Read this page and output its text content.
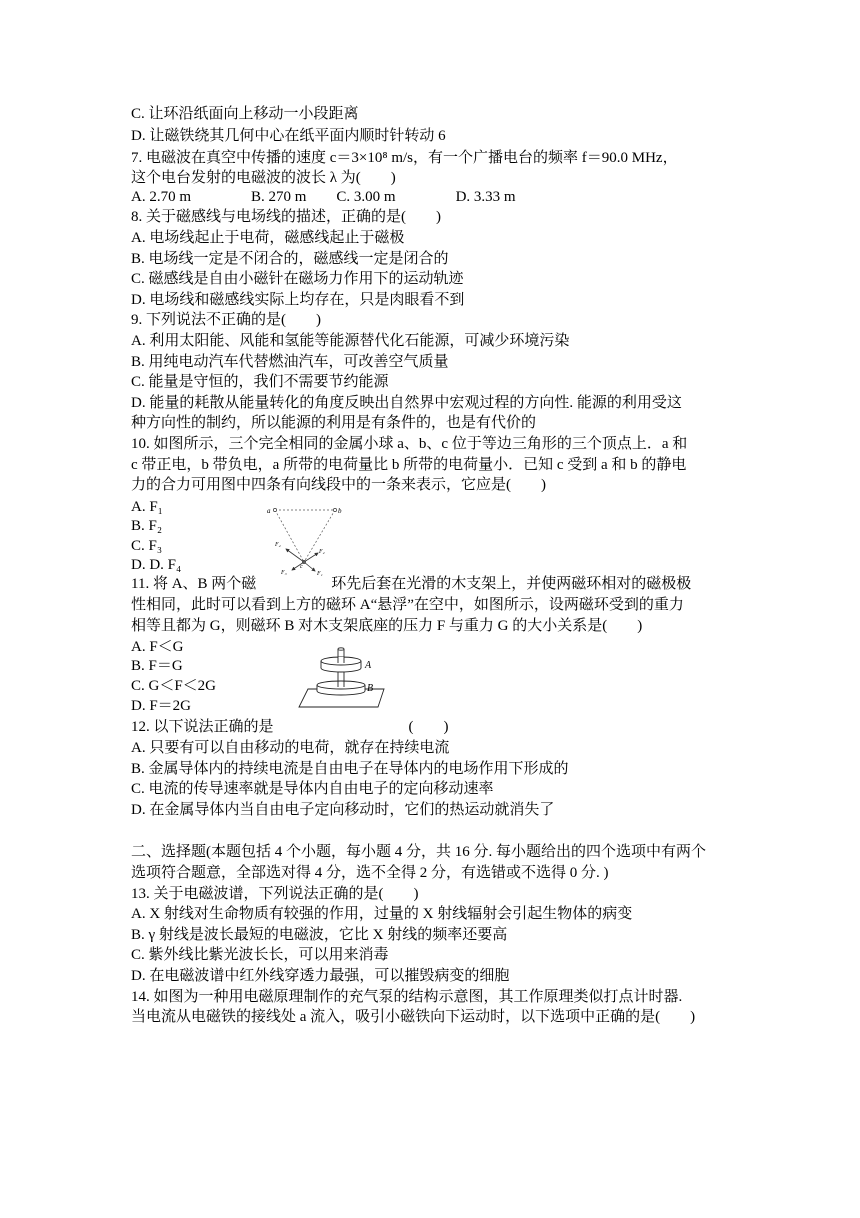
C. 让环沿纸面向上移动一小段距离
D. 让磁铁绕其几何中心在纸平面内顺时针转动 6
7. 电磁波在真空中传播的速度 c＝3×10⁸ m/s，有一个广播电台的频率 f＝90.0 MHz，
这个电台发射的电磁波的波长 λ 为(　　)
A. 2.70 m　　　　B. 270 m　　C. 3.00 m　　　　D. 3.33 m
8. 关于磁感线与电场线的描述，正确的是(　　)
A. 电场线起止于电荷，磁感线起止于磁极
B. 电场线一定是不闭合的，磁感线一定是闭合的
C. 磁感线是自由小磁针在磁场力作用下的运动轨迹
D. 电场线和磁感线实际上均存在，只是肉眼看不到
9. 下列说法不正确的是(　　)
A. 利用太阳能、风能和氢能等能源替代化石能源，可减少环境污染
B. 用纯电动汽车代替燃油汽车，可改善空气质量
C. 能量是守恒的，我们不需要节约能源
D. 能量的耗散从能量转化的角度反映出自然界中宏观过程的方向性. 能源的利用受这
种方向性的制约，所以能源的利用是有条件的，也是有代价的
10. 如图所示，三个完全相同的金属小球 a、b、c 位于等边三角形的三个顶点上．a 和
c 带正电，b 带负电，a 所带的电荷量比 b 所带的电荷量小．已知 c 受到 a 和 b 的静电
力的合力可用图中四条有向线段中的一条来表示，它应是(　　)
A. F₁
B. F₂
C. F₃
D. D. F₄
11. 将 A、B 两个磁　　　　　环先后套在光滑的木支架上，并使两磁环相对的磁极极
性相同，此时可以看到上方的磁环 A“悬浮”在空中，如图所示，设两磁环受到的重力
相等且都为 G，则磁环 B 对木支架底座的压力 F 与重力 G 的大小关系是(　　)
A. F＜G
B. F＝G
C. G＜F＜2G
D. F＝2G
12. 以下说法正确的是　　　　　　　　　(　　)
A. 只要有可以自由移动的电荷，就存在持续电流
B. 金属导体内的持续电流是自由电子在导体内的电场作用下形成的
C. 电流的传导速率就是导体内自由电子的定向移动速率
D. 在金属导体内当自由电子定向移动时，它们的热运动就消失了
二、选择题(本题包括 4 个小题，每小题 4 分，共 16 分. 每小题给出的四个选项中有两个
选项符合题意，全部选对得 4 分，选不全得 2 分，有选错或不选得 0 分. )
13. 关于电磁波谱，下列说法正确的是(　　)
A. X 射线对生命物质有较强的作用，过量的 X 射线辐射会引起生物体的病变
B. γ 射线是波长最短的电磁波，它比 X 射线的频率还要高
C. 紫外线比紫光波长长，可以用来消毒
D. 在电磁波谱中红外线穿透力最强，可以摧毁病变的细胞
14. 如图为一种用电磁原理制作的充气泵的结构示意图，其工作原理类似打点计时器.
当电流从电磁铁的接线处 a 流入，吸引小磁铁向下运动时，以下选项中正确的是(　　)
a	b
c
F₄
F₂
F₃	F₁
A
B
